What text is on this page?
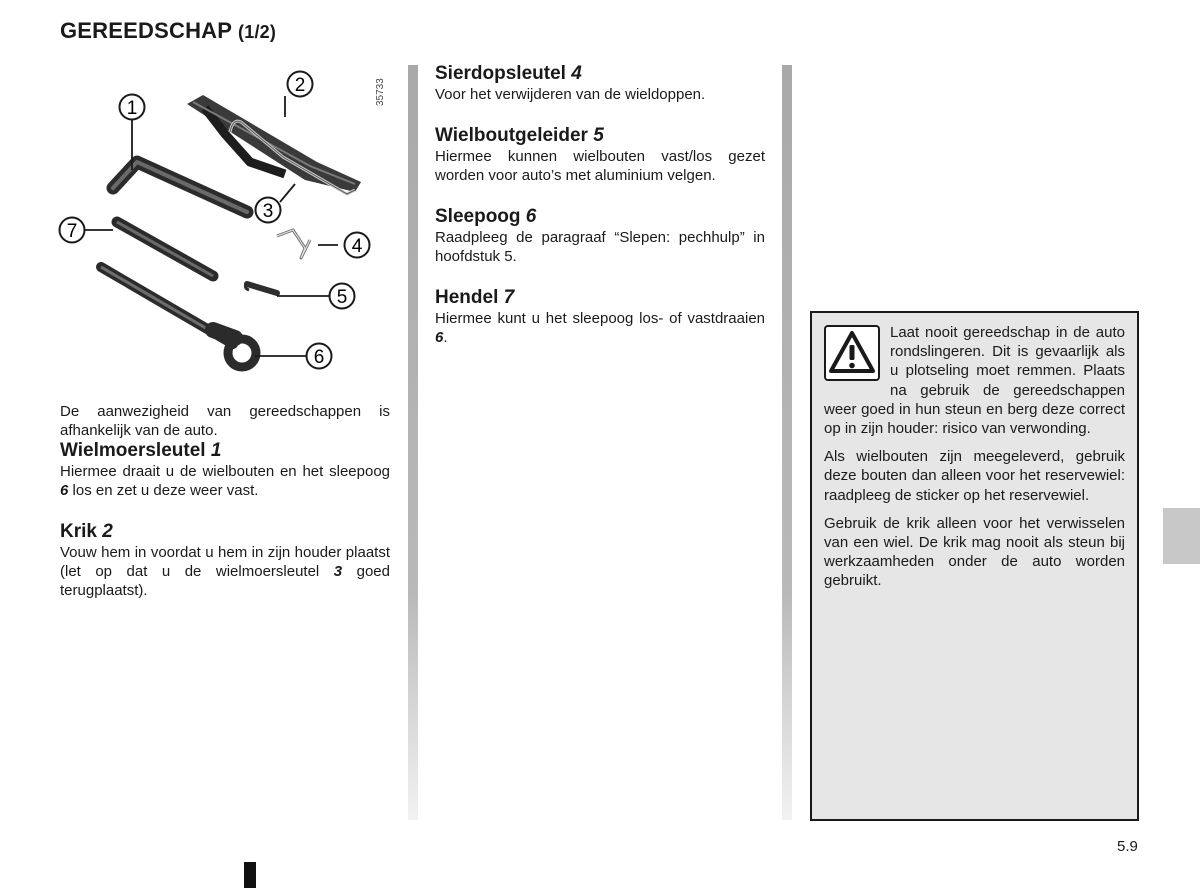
GEREEDSCHAP (1/2)
35733
1
2
3
4
5
6
7

De aanwezigheid van gereedschappen is afhankelijk van de auto.

Wielmoersleutel 1

Hiermee draait u de wielbouten en het sleepoog 6 los en zet u deze weer vast.

Krik 2

Vouw hem in voordat u hem in zijn houder plaatst (let op dat u de wielmoersleutel 3 goed terugplaatst).

Sierdopsleutel 4

Voor het verwijderen van de wieldoppen.

Wielboutgeleider 5

Hiermee kunnen wielbouten vast/los gezet worden voor auto’s met aluminium velgen.

Sleepoog 6

Raadpleeg de paragraaf “Slepen: pechhulp” in hoofdstuk 5.

Hendel 7

Hiermee kunt u het sleepoog los- of vastdraaien 6.	Laat nooit gereedschap in de auto rondslingeren. Dit is gevaarlijk als u plotseling moet remmen. Plaats na gebruik de gereedschappen weer goed in hun steun en berg deze correct op in zijn houder: risico van verwonding.

Als wielbouten zijn meegeleverd, gebruik deze bouten dan alleen voor het reservewiel: raadpleeg de sticker op het reservewiel.

Gebruik de krik alleen voor het verwisselen van een wiel. De krik mag nooit als steun bij werkzaamheden onder de auto worden gebruikt.

5.9
